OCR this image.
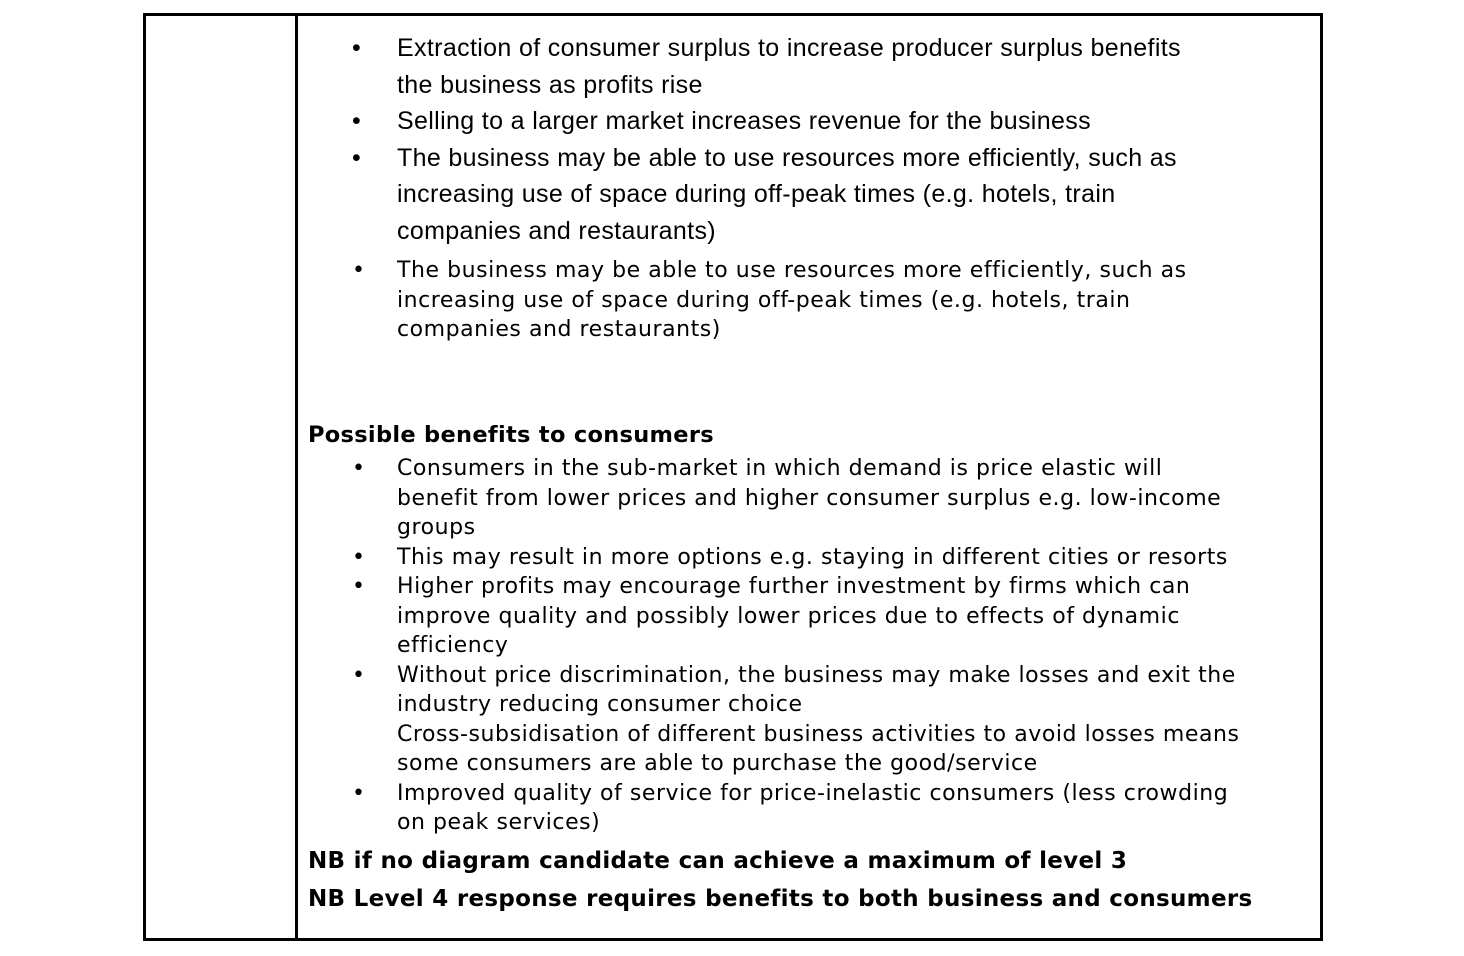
•	Extraction of consumer surplus to increase producer surplus benefits
the business as profits rise
•	Selling to a larger market increases revenue for the business
•	The business may be able to use resources more efficiently, such as
increasing use of space during off-peak times (e.g. hotels, train
companies and restaurants)
•	The business may be able to use resources more efficiently, such as
increasing use of space during off-peak times (e.g. hotels, train
companies and restaurants)
Possible benefits to consumers
•	Consumers in the sub-market in which demand is price elastic will
benefit from lower prices and higher consumer surplus e.g. low-income
groups
•	This may result in more options e.g. staying in different cities or resorts
•	Higher profits may encourage further investment by firms which can
improve quality and possibly lower prices due to effects of dynamic
efficiency
•	Without price discrimination, the business may make losses and exit the
industry reducing consumer choice
Cross-subsidisation of different business activities to avoid losses means
some consumers are able to purchase the good/service
•	Improved quality of service for price-inelastic consumers (less crowding
on peak services)
NB if no diagram candidate can achieve a maximum of level 3
NB Level 4 response requires benefits to both business and consumers
